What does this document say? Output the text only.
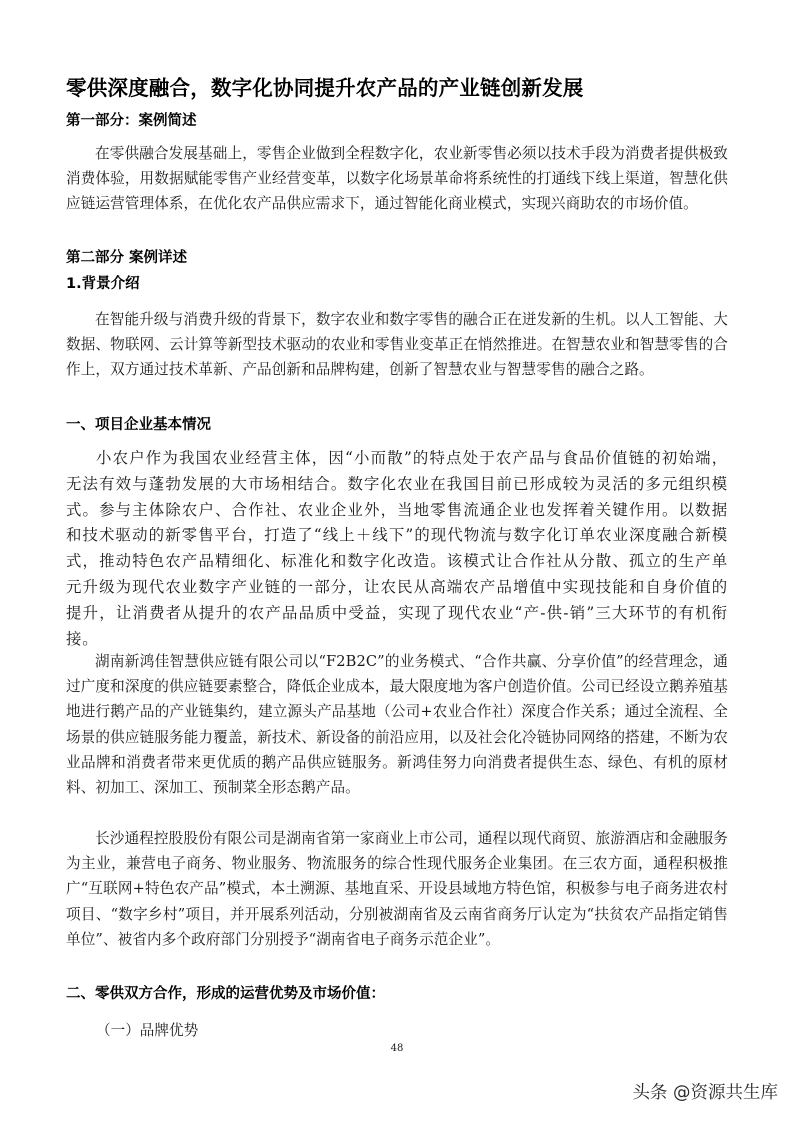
零供深度融合，数字化协同提升农产品的产业链创新发展
第一部分：案例简述

在零供融合发展基础上，零售企业做到全程数字化，农业新零售必须以技术手段为消费者提供极致消费体验，用数据赋能零售产业经营变革，以数字化场景革命将系统性的打通线下线上渠道，智慧化供应链运营管理体系，在优化农产品供应需求下，通过智能化商业模式，实现兴商助农的市场价值。

第二部分 案例详述
1.背景介绍

在智能升级与消费升级的背景下，数字农业和数字零售的融合正在迸发新的生机。以人工智能、大数据、物联网、云计算等新型技术驱动的农业和零售业变革正在悄然推进。在智慧农业和智慧零售的合作上，双方通过技术革新、产品创新和品牌构建，创新了智慧农业与智慧零售的融合之路。

一、项目企业基本情况

小农户作为我国农业经营主体，因“小而散”的特点处于农产品与食品价值链的初始端，无法有效与蓬勃发展的大市场相结合。数字化农业在我国目前已形成较为灵活的多元组织模式。参与主体除农户、合作社、农业企业外，当地零售流通企业也发挥着关键作用。以数据和技术驱动的新零售平台，打造了“线上＋线下”的现代物流与数字化订单农业深度融合新模式，推动特色农产品精细化、标准化和数字化改造。该模式让合作社从分散、孤立的生产单元升级为现代农业数字产业链的一部分，让农民从高端农产品增值中实现技能和自身价值的提升，让消费者从提升的农产品品质中受益，实现了现代农业“产-供-销”三大环节的有机衔接。

湖南新鸿佳智慧供应链有限公司以“F2B2C”的业务模式、“合作共赢、分享价值”的经营理念，通过广度和深度的供应链要素整合，降低企业成本，最大限度地为客户创造价值。公司已经设立鹅养殖基地进行鹅产品的产业链集约，建立源头产品基地（公司+农业合作社）深度合作关系；通过全流程、全场景的供应链服务能力覆盖，新技术、新设备的前沿应用，以及社会化冷链协同网络的搭建，不断为农业品牌和消费者带来更优质的鹅产品供应链服务。新鸿佳努力向消费者提供生态、绿色、有机的原材料、初加工、深加工、预制菜全形态鹅产品。

长沙通程控股股份有限公司是湖南省第一家商业上市公司，通程以现代商贸、旅游酒店和金融服务为主业，兼营电子商务、物业服务、物流服务的综合性现代服务企业集团。在三农方面，通程积极推广“互联网+特色农产品”模式，本土溯源、基地直采、开设县域地方特色馆，积极参与电子商务进农村项目、“数字乡村”项目，并开展系列活动，分别被湖南省及云南省商务厅认定为“扶贫农产品指定销售单位”、被省内多个政府部门分别授予“湖南省电子商务示范企业”。

二、零供双方合作，形成的运营优势及市场价值：

（一）品牌优势

48
头条 @资源共生库
